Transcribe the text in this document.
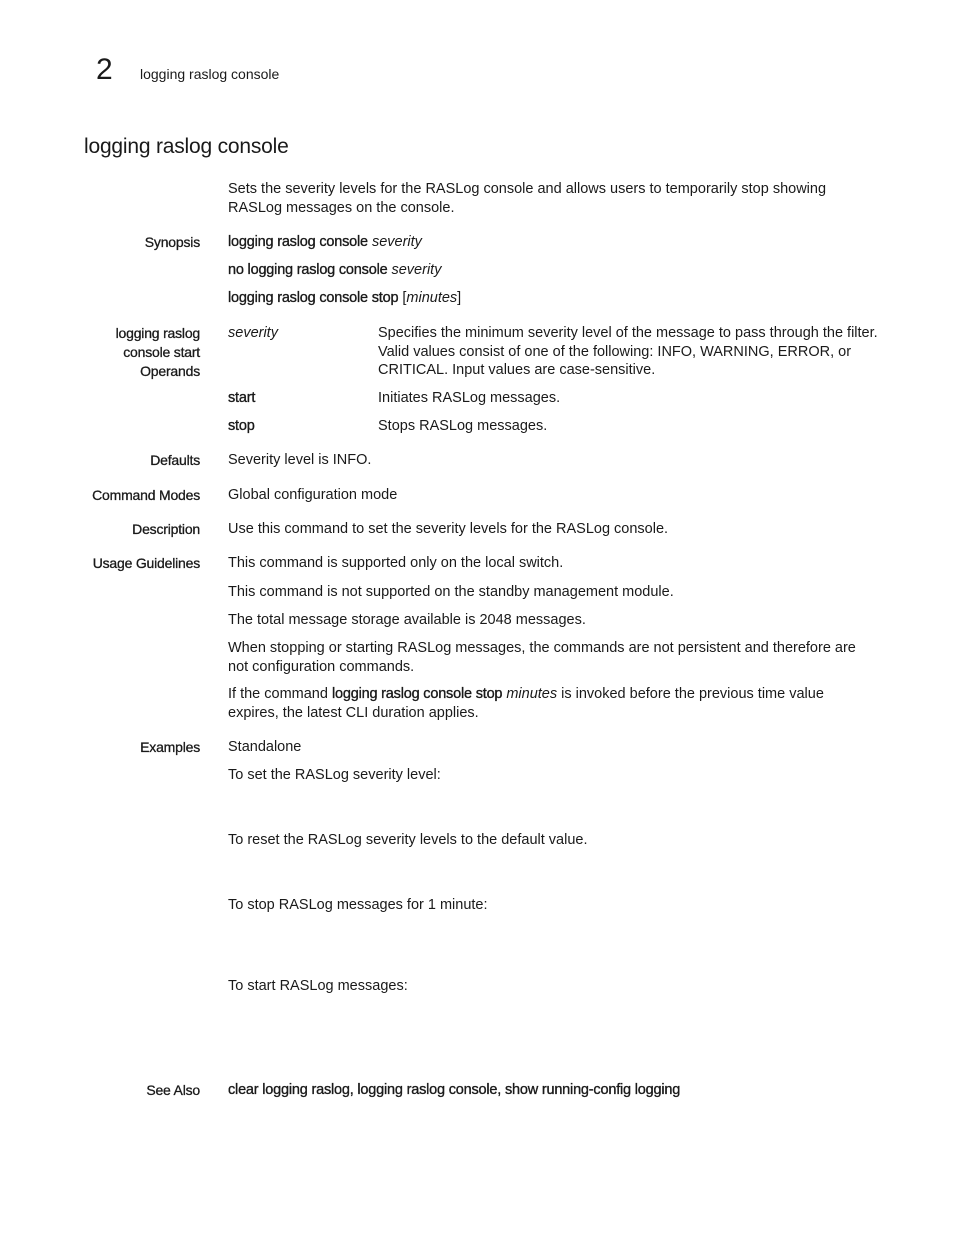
2 logging raslog console
logging raslog console

Sets the severity levels for the RASLog console and allows users to temporarily stop showing RASLog messages on the console.

Synopsis logging raslog console severity
no logging raslog console severity
logging raslog console stop [minutes]
logging raslog
console start
Operands
severity	Specifies the minimum severity level of the message to pass through the filter. Valid values consist of one of the following: INFO, WARNING, ERROR, or CRITICAL. Input values are case-sensitive.
start	Initiates RASLog messages.
stop	Stops RASLog messages.
Defaults Severity level is INFO.
Command Modes Global configuration mode
Description Use this command to set the severity levels for the RASLog console.
Usage Guidelines This command is supported only on the local switch.
This command is not supported on the standby management module.
The total message storage available is 2048 messages.
When stopping or starting RASLog messages, the commands are not persistent and therefore are not configuration commands.
If the command logging raslog console stop minutes is invoked before the previous time value expires, the latest CLI duration applies.
Examples Standalone
To set the RASLog severity level:
To reset the RASLog severity levels to the default value.
To stop RASLog messages for 1 minute:
To start RASLog messages:
See Also clear logging raslog, logging raslog console, show running-config logging
